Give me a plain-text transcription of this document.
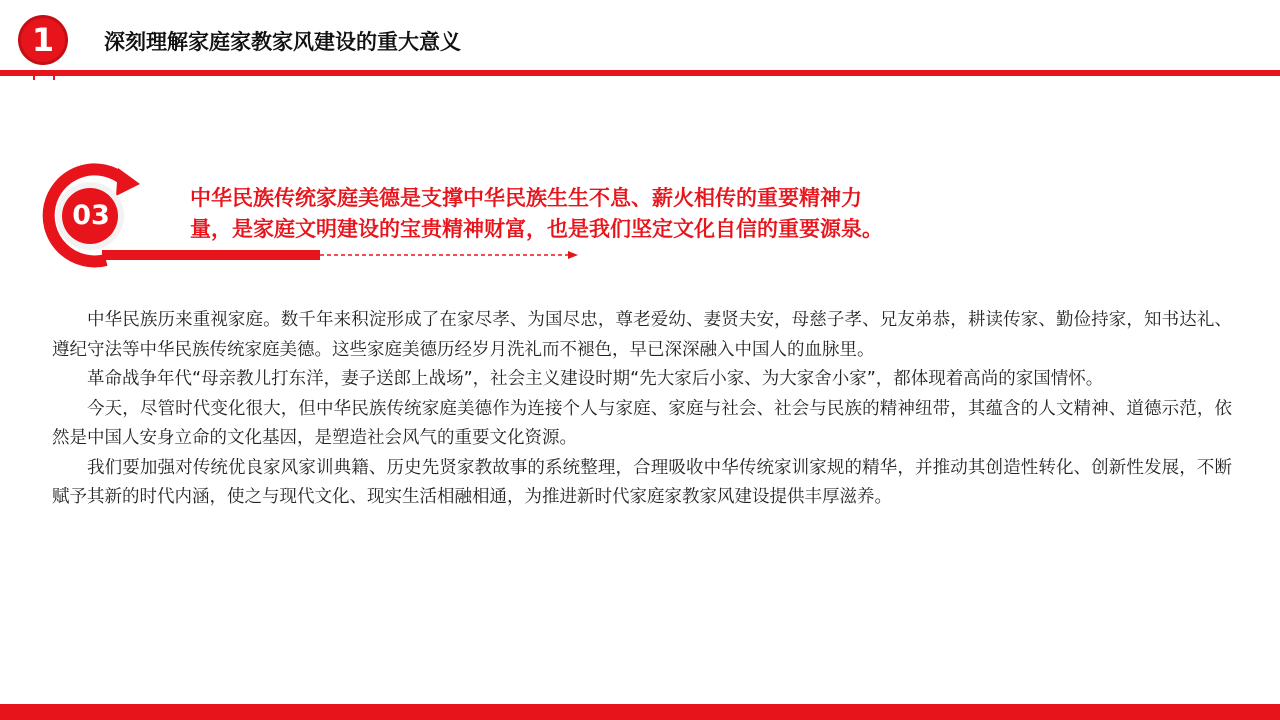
1	深刻理解家庭家教家风建设的重大意义
03

中华民族传统家庭美德是支撑中华民族生生不息、薪火相传的重要精神力
量，是家庭文明建设的宝贵精神财富，也是我们坚定文化自信的重要源泉。

中华民族历来重视家庭。数千年来积淀形成了在家尽孝、为国尽忠，尊老爱幼、妻贤夫安，母慈子孝、兄友弟恭，耕读传家、勤俭持家，知书达礼、遵纪守法等中华民族传统家庭美德。这些家庭美德历经岁月洗礼而不褪色，早已深深融入中国人的血脉里。

革命战争年代“母亲教儿打东洋，妻子送郎上战场”，社会主义建设时期“先大家后小家、为大家舍小家”，都体现着高尚的家国情怀。

今天，尽管时代变化很大，但中华民族传统家庭美德作为连接个人与家庭、家庭与社会、社会与民族的精神纽带，其蕴含的人文精神、道德示范，依然是中国人安身立命的文化基因，是塑造社会风气的重要文化资源。

我们要加强对传统优良家风家训典籍、历史先贤家教故事的系统整理，合理吸收中华传统家训家规的精华，并推动其创造性转化、创新性发展，不断赋予其新的时代内涵，使之与现代文化、现实生活相融相通，为推进新时代家庭家教家风建设提供丰厚滋养。
